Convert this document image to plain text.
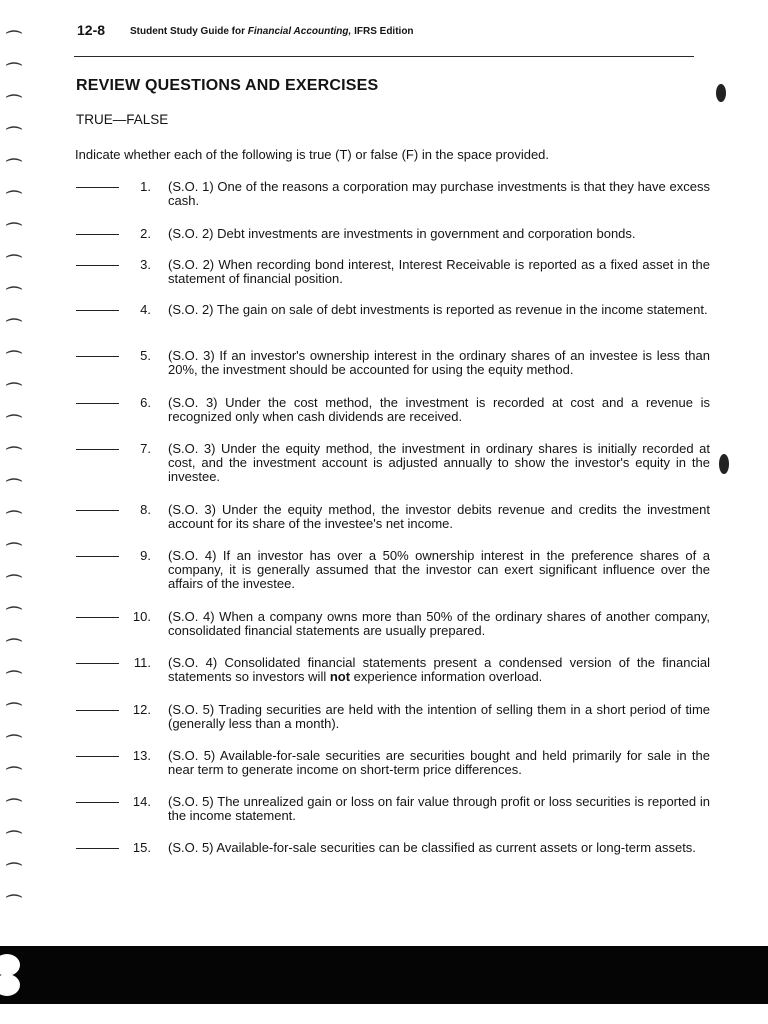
12-8 Student Study Guide for Financial Accounting, IFRS Edition
REVIEW QUESTIONS AND EXERCISES
TRUE—FALSE
Indicate whether each of the following is true (T) or false (F) in the space provided.
1. (S.O. 1) One of the reasons a corporation may purchase investments is that they have excess cash.
2. (S.O. 2) Debt investments are investments in government and corporation bonds.
3. (S.O. 2) When recording bond interest, Interest Receivable is reported as a fixed asset in the statement of financial position.
4. (S.O. 2) The gain on sale of debt investments is reported as revenue in the income statement.
5. (S.O. 3) If an investor's ownership interest in the ordinary shares of an investee is less than 20%, the investment should be accounted for using the equity method.
6. (S.O. 3) Under the cost method, the investment is recorded at cost and a revenue is recognized only when cash dividends are received.
7. (S.O. 3) Under the equity method, the investment in ordinary shares is initially recorded at cost, and the investment account is adjusted annually to show the investor's equity in the investee.
8. (S.O. 3) Under the equity method, the investor debits revenue and credits the investment account for its share of the investee's net income.
9. (S.O. 4) If an investor has over a 50% ownership interest in the preference shares of a company, it is generally assumed that the investor can exert significant influence over the affairs of the investee.
10. (S.O. 4) When a company owns more than 50% of the ordinary shares of another company, consolidated financial statements are usually prepared.
11. (S.O. 4) Consolidated financial statements present a condensed version of the financial statements so investors will not experience information overload.
12. (S.O. 5) Trading securities are held with the intention of selling them in a short period of time (generally less than a month).
13. (S.O. 5) Available-for-sale securities are securities bought and held primarily for sale in the near term to generate income on short-term price differences.
14. (S.O. 5) The unrealized gain or loss on fair value through profit or loss securities is reported in the income statement.
15. (S.O. 5) Available-for-sale securities can be classified as current assets or long-term assets.
⌒
⌒
⌒
⌒
⌒
⌒
⌒
⌒
⌒
⌒
⌒
⌒
⌒
⌒
⌒
⌒
⌒
⌒
⌒
⌒
⌒
⌒
⌒
⌒
⌒
⌒
⌒
⌒
